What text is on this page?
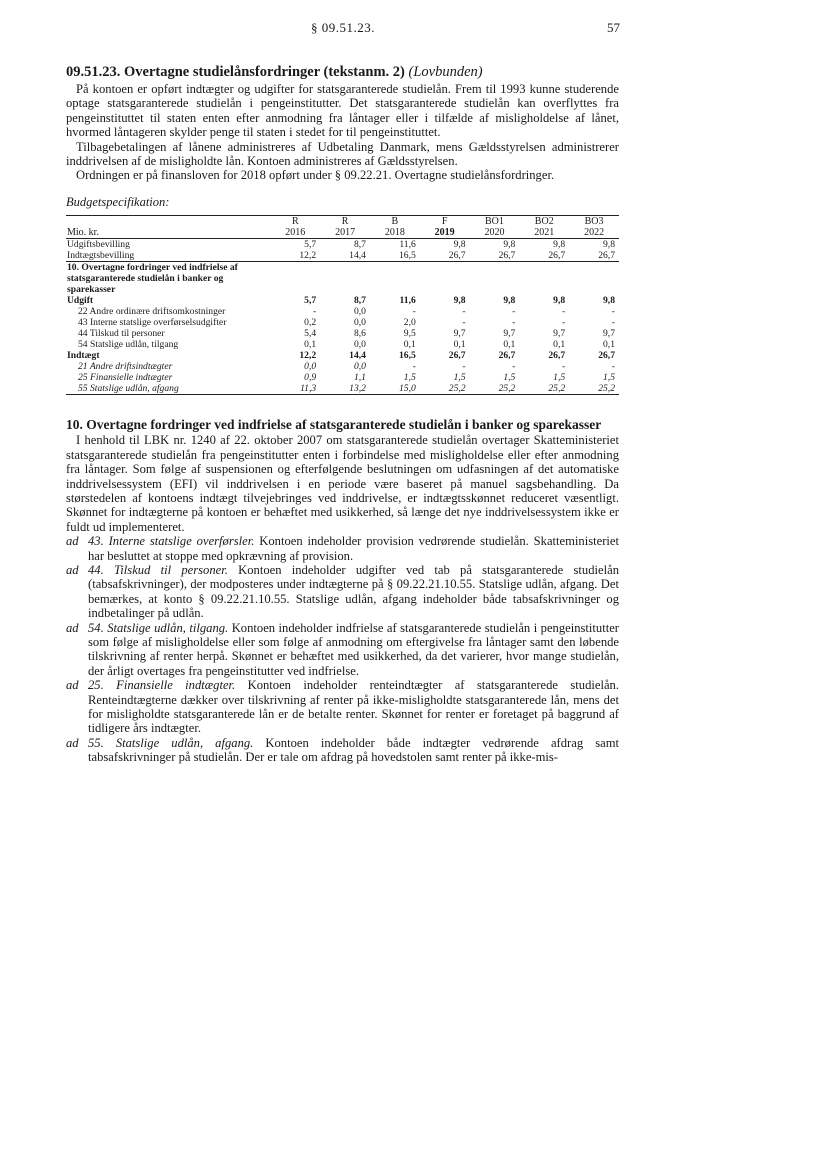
§ 09.51.23.	57
09.51.23. Overtagne studielånsfordringer (tekstanm. 2) (Lovbunden)

På kontoen er opført indtægter og udgifter for statsgaranterede studielån. Frem til 1993 kunne studerende optage statsgaranterede studielån i pengeinstitutter. Det statsgaranterede studielån kan overflyttes fra pengeinstituttet til staten enten efter anmodning fra låntager eller i tilfælde af misligholdelse af lånet, hvormed låntageren skylder penge til staten i stedet for til pengeinstituttet.

Tilbagebetalingen af lånene administreres af Udbetaling Danmark, mens Gældsstyrelsen administrerer inddrivelsen af de misligholdte lån. Kontoen administreres af Gældsstyrelsen.

Ordningen er på finansloven for 2018 opført under § 09.22.21. Overtagne studielånsfordringer.

Budgetspecifikation:
	R	R	B	F	BO1	BO2	BO3
Mio. kr.	2016	2017	2018	2019	2020	2021	2022
Udgiftsbevilling	5,7	8,7	11,6	9,8	9,8	9,8	9,8
Indtægtsbevilling	12,2	14,4	16,5	26,7	26,7	26,7	26,7
10. Overtagne fordringer ved indfrielse af statsgaranterede studielån i banker og sparekasser							
Udgift	5,7	8,7	11,6	9,8	9,8	9,8	9,8
22 Andre ordinære driftsomkostninger	-	0,0	-	-	-	-	-
43 Interne statslige overførselsudgifter	0,2	0,0	2,0	-	-	-	-
44 Tilskud til personer	5,4	8,6	9,5	9,7	9,7	9,7	9,7
54 Statslige udlån, tilgang	0,1	0,0	0,1	0,1	0,1	0,1	0,1
Indtægt	12,2	14,4	16,5	26,7	26,7	26,7	26,7
21 Andre driftsindtægter	0,0	0,0	-	-	-	-	-
25 Finansielle indtægter	0,9	1,1	1,5	1,5	1,5	1,5	1,5
55 Statslige udlån, afgang	11,3	13,2	15,0	25,2	25,2	25,2	25,2
10. Overtagne fordringer ved indfrielse af statsgaranterede studielån i banker og sparekasser

I henhold til LBK nr. 1240 af 22. oktober 2007 om statsgaranterede studielån overtager Skatteministeriet statsgaranterede studielån fra pengeinstitutter enten i forbindelse med misligholdelse eller efter anmodning fra låntager. Som følge af suspensionen og efterfølgende beslutningen om udfasningen af det automatiske inddrivelsessystem (EFI) vil inddrivelsen i en periode være baseret på manuel sagsbehandling. Da størstedelen af kontoens indtægt tilvejebringes ved inddrivelse, er indtægtsskønnet reduceret væsentligt. Skønnet for indtægterne på kontoen er behæftet med usikkerhed, så længe det nye inddrivelsessystem ikke er fuldt ud implementeret.

ad 43. Interne statslige overførsler. Kontoen indeholder provision vedrørende studielån. Skatteministeriet har besluttet at stoppe med opkrævning af provision.
ad 44. Tilskud til personer. Kontoen indeholder udgifter ved tab på statsgaranterede studielån (tabsafskrivninger), der modposteres under indtægterne på § 09.22.21.10.55. Statslige udlån, afgang. Det bemærkes, at konto § 09.22.21.10.55. Statslige udlån, afgang indeholder både tabsafskrivninger og indbetalinger på udlån.
ad 54. Statslige udlån, tilgang. Kontoen indeholder indfrielse af statsgaranterede studielån i pengeinstitutter som følge af misligholdelse eller som følge af anmodning om eftergivelse fra låntager samt den løbende tilskrivning af renter herpå. Skønnet er behæftet med usikkerhed, da det varierer, hvor mange studielån, der årligt overtages fra pengeinstitutter ved indfrielse.
ad 25. Finansielle indtægter. Kontoen indeholder renteindtægter af statsgaranterede studielån. Renteindtægterne dækker over tilskrivning af renter på ikke-misligholdte statsgaranterede lån, mens det for misligholdte statsgaranterede lån er de betalte renter. Skønnet for renter er foretaget på baggrund af tidligere års indtægter.
ad 55. Statslige udlån, afgang. Kontoen indeholder både indtægter vedrørende afdrag samt tabsafskrivninger på studielån. Der er tale om afdrag på hovedstolen samt renter på ikke-mis-
